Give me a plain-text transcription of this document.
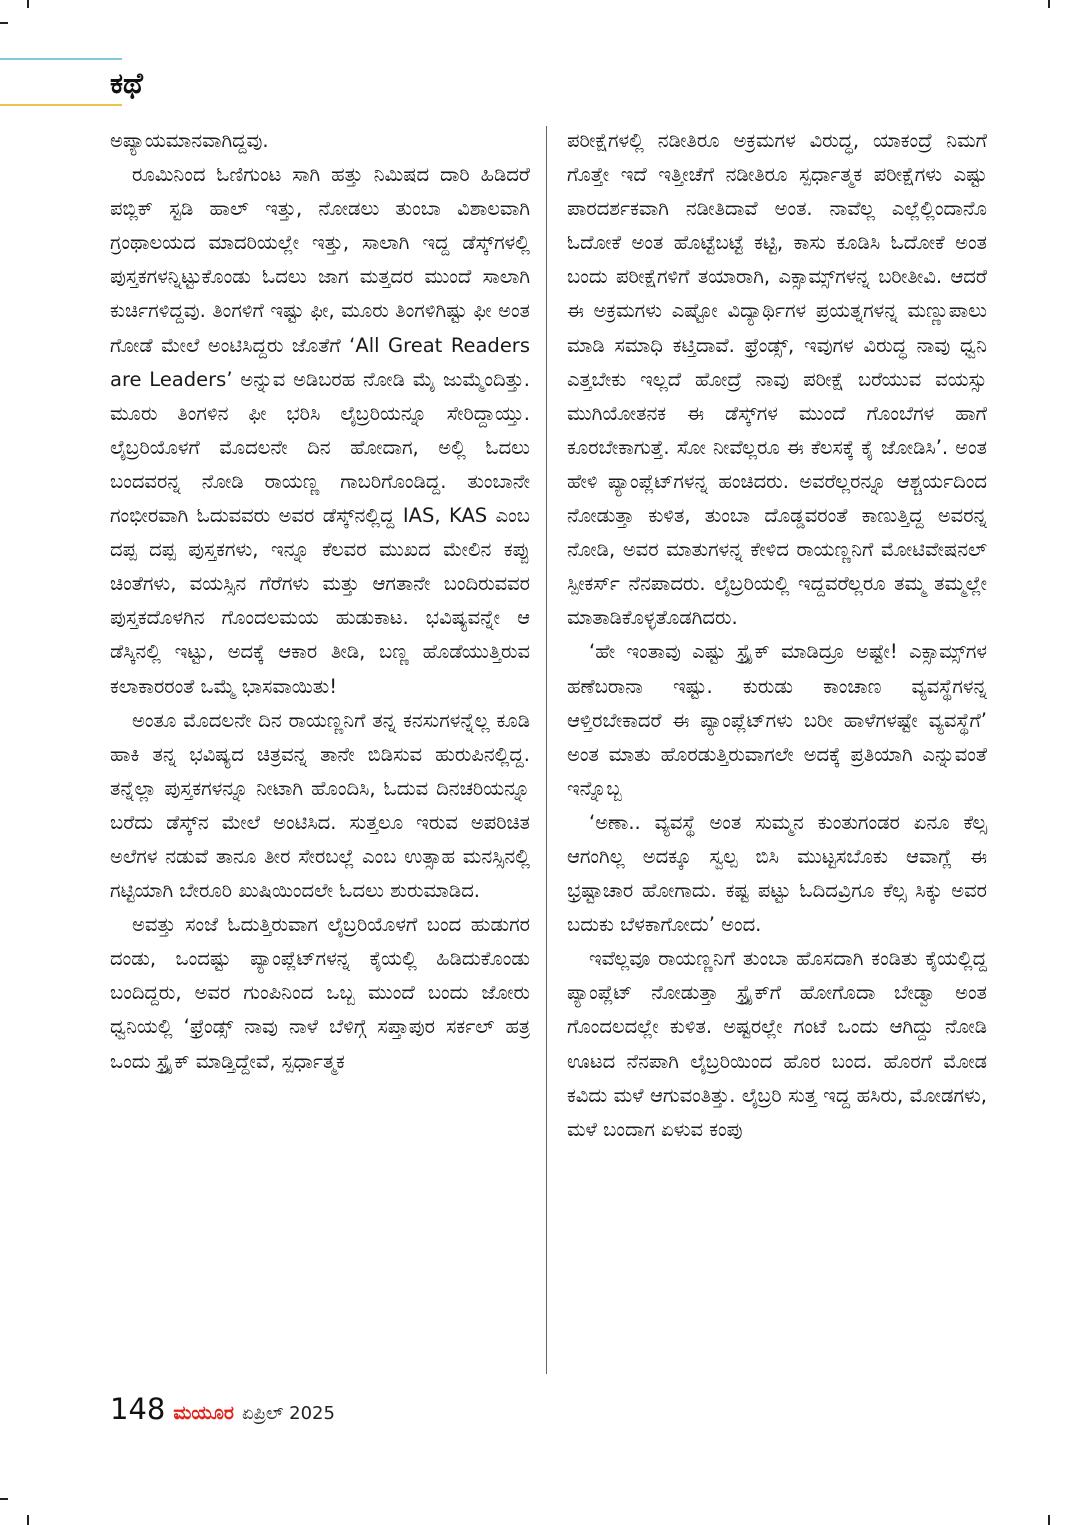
ಕಥೆ

ಅಪ್ಯಾಯಮಾನವಾಗಿದ್ದವು.

ರೂಮಿನಿಂದ ಓಣಿಗುಂಟ ಸಾಗಿ ಹತ್ತು ನಿಮಿಷದ ದಾರಿ ಹಿಡಿದರೆ ಪಬ್ಲಿಕ್ ಸ್ಟಡಿ ಹಾಲ್ ಇತ್ತು, ನೋಡಲು ತುಂಬಾ ವಿಶಾಲವಾಗಿ ಗ್ರಂಥಾಲಯದ ಮಾದರಿಯಲ್ಲೇ ಇತ್ತು, ಸಾಲಾಗಿ ಇದ್ದ ಡೆಸ್ಕ್‌ಗಳಲ್ಲಿ ಪುಸ್ತಕಗಳನ್ನಿಟ್ಟುಕೊಂಡು ಓದಲು ಜಾಗ ಮತ್ತದರ ಮುಂದೆ ಸಾಲಾಗಿ ಕುರ್ಚಿಗಳಿದ್ದವು. ತಿಂಗಳಿಗೆ ಇಷ್ಟು ಫೀ, ಮೂರು ತಿಂಗಳಿಗಿಷ್ಟು ಫೀ ಅಂತ ಗೋಡೆ ಮೇಲೆ ಅಂಟಿಸಿದ್ದರು ಜೊತೆಗೆ ‘All Great Readers are Leaders’ ಅನ್ನುವ ಅಡಿಬರಹ ನೋಡಿ ಮೈ ಜುಮ್ಮೆಂದಿತ್ತು. ಮೂರು ತಿಂಗಳಿನ ಫೀ ಭರಿಸಿ ಲೈಬ್ರರಿಯನ್ನೂ ಸೇರಿದ್ದಾಯ್ತು. ಲೈಬ್ರರಿಯೊಳಗೆ ಮೊದಲನೇ ದಿನ ಹೋದಾಗ, ಅಲ್ಲಿ ಓದಲು ಬಂದವರನ್ನ ನೋಡಿ ರಾಯಣ್ಣ ಗಾಬರಿಗೊಂಡಿದ್ದ. ತುಂಬಾನೇ ಗಂಭೀರವಾಗಿ ಓದುವವರು ಅವರ ಡೆಸ್ಕ್‌ನಲ್ಲಿದ್ದ IAS, KAS ಎಂಬ ದಪ್ಪ ದಪ್ಪ ಪುಸ್ತಕಗಳು, ಇನ್ನೂ ಕೆಲವರ ಮುಖದ ಮೇಲಿನ ಕಪ್ಪು ಚಿಂತೆಗಳು, ವಯಸ್ಸಿನ ಗೆರೆಗಳು ಮತ್ತು ಆಗತಾನೇ ಬಂದಿರುವವರ ಪುಸ್ತಕದೊಳಗಿನ ಗೊಂದಲಮಯ ಹುಡುಕಾಟ. ಭವಿಷ್ಯವನ್ನೇ ಆ ಡೆಸ್ಕಿನಲ್ಲಿ ಇಟ್ಟು, ಅದಕ್ಕೆ ಆಕಾರ ತೀಡಿ, ಬಣ್ಣ ಹೊಡೆಯುತ್ತಿರುವ ಕಲಾಕಾರರಂತೆ ಒಮ್ಮೆ ಭಾಸವಾಯಿತು!

ಅಂತೂ ಮೊದಲನೇ ದಿನ ರಾಯಣ್ಣನಿಗೆ ತನ್ನ ಕನಸುಗಳನ್ನೆಲ್ಲ ಕೂಡಿ ಹಾಕಿ ತನ್ನ ಭವಿಷ್ಯದ ಚಿತ್ರವನ್ನ ತಾನೇ ಬಿಡಿಸುವ ಹುರುಪಿನಲ್ಲಿದ್ದ. ತನ್ನೆಲ್ಲಾ ಪುಸ್ತಕಗಳನ್ನೂ ನೀಟಾಗಿ ಹೊಂದಿಸಿ, ಓದುವ ದಿನಚರಿಯನ್ನೂ ಬರೆದು ಡೆಸ್ಕ್‌ನ ಮೇಲೆ ಅಂಟಿಸಿದ. ಸುತ್ತಲೂ ಇರುವ ಅಪರಿಚಿತ ಅಲೆಗಳ ನಡುವೆ ತಾನೂ ತೀರ ಸೇರಬಲ್ಲೆ ಎಂಬ ಉತ್ಸಾಹ ಮನಸ್ಸಿನಲ್ಲಿ ಗಟ್ಟಿಯಾಗಿ ಬೇರೂರಿ ಖುಷಿಯಿಂದಲೇ ಓದಲು ಶುರುಮಾಡಿದ.

ಅವತ್ತು ಸಂಜೆ ಓದುತ್ತಿರುವಾಗ ಲೈಬ್ರರಿಯೊಳಗೆ ಬಂದ ಹುಡುಗರ ದಂಡು, ಒಂದಷ್ಟು ಪ್ಯಾಂಪ್ಲೆಟ್‌ಗಳನ್ನ ಕೈಯಲ್ಲಿ ಹಿಡಿದುಕೊಂಡು ಬಂದಿದ್ದರು, ಅವರ ಗುಂಪಿನಿಂದ ಒಬ್ಬ ಮುಂದೆ ಬಂದು ಜೋರು ಧ್ವನಿಯಲ್ಲಿ ‘ಫ್ರೆಂಡ್ಸ್ ನಾವು ನಾಳೆ ಬೆಳಿಗ್ಗೆ ಸಪ್ತಾಪುರ ಸರ್ಕಲ್ ಹತ್ರ ಒಂದು ಸ್ಟ್ರೈಕ್ ಮಾಡ್ತಿದ್ದೇವೆ, ಸ್ಪರ್ಧಾತ್ಮಕ

ಪರೀಕ್ಷೆಗಳಲ್ಲಿ ನಡೀತಿರೂ ಅಕ್ರಮಗಳ ವಿರುದ್ಧ, ಯಾಕಂದ್ರೆ ನಿಮಗೆ ಗೊತ್ತೇ ಇದೆ ಇತ್ತೀಚೆಗೆ ನಡೀತಿರೂ ಸ್ಪರ್ಧಾತ್ಮಕ ಪರೀಕ್ಷೆಗಳು ಎಷ್ಟು ಪಾರದರ್ಶಕವಾಗಿ ನಡೀತಿದಾವೆ ಅಂತ. ನಾವೆಲ್ಲ ಎಲ್ಲೆಲ್ಲಿಂದಾನೊ ಓದೋಕೆ ಅಂತ ಹೊಟ್ಟೆಬಟ್ಟೆ ಕಟ್ಟಿ, ಕಾಸು ಕೂಡಿಸಿ ಓದೋಕೆ ಅಂತ ಬಂದು ಪರೀಕ್ಷೆಗಳಿಗೆ ತಯಾರಾಗಿ, ಎಕ್ಸಾಮ್ಸ್‌ಗಳನ್ನ ಬರೀತೀವಿ. ಆದರೆ ಈ ಅಕ್ರಮಗಳು ಎಷ್ಟೋ ವಿದ್ಯಾರ್ಥಿಗಳ ಪ್ರಯತ್ನಗಳನ್ನ ಮಣ್ಣುಪಾಲು ಮಾಡಿ ಸಮಾಧಿ ಕಟ್ತಿದಾವೆ. ಫ್ರೆಂಡ್ಸ್, ಇವುಗಳ ವಿರುದ್ಧ ನಾವು ಧ್ವನಿ ಎತ್ತಬೇಕು ಇಲ್ಲದೆ ಹೋದ್ರೆ ನಾವು ಪರೀಕ್ಷೆ ಬರೆಯುವ ವಯಸ್ಸು ಮುಗಿಯೋತನಕ ಈ ಡೆಸ್ಕ್‌ಗಳ ಮುಂದೆ ಗೊಂಬೆಗಳ ಹಾಗೆ ಕೂರಬೇಕಾಗುತ್ತೆ. ಸೋ ನೀವೆಲ್ಲರೂ ಈ ಕೆಲಸಕ್ಕೆ ಕೈ ಜೋಡಿಸಿ’. ಅಂತ ಹೇಳಿ ಪ್ಯಾಂಪ್ಲೆಟ್‌ಗಳನ್ನ ಹಂಚಿದರು. ಅವರೆಲ್ಲರನ್ನೂ ಆಶ್ಚರ್ಯದಿಂದ ನೋಡುತ್ತಾ ಕುಳಿತ, ತುಂಬಾ ದೊಡ್ಡವರಂತೆ ಕಾಣುತ್ತಿದ್ದ ಅವರನ್ನ ನೋಡಿ, ಅವರ ಮಾತುಗಳನ್ನ ಕೇಳಿದ ರಾಯಣ್ಣನಿಗೆ ಮೋಟಿವೇಷನಲ್ ಸ್ಪೀಕರ್ಸ್ ನೆನಪಾದರು. ಲೈಬ್ರರಿಯಲ್ಲಿ ಇದ್ದವರೆಲ್ಲರೂ ತಮ್ಮ ತಮ್ಮಲ್ಲೇ ಮಾತಾಡಿಕೊಳ್ಳತೊಡಗಿದರು.

‘ಹೇ ಇಂತಾವು ಎಷ್ಟು ಸ್ಟ್ರೈಕ್ ಮಾಡಿದ್ರೂ ಅಷ್ಟೇ! ಎಕ್ಸಾಮ್ಸ್‌ಗಳ ಹಣೆಬರಾನಾ ಇಷ್ಟು. ಕುರುಡು ಕಾಂಚಾಣ ವ್ಯವಸ್ಥೆಗಳನ್ನ ಆಳ್ತಿರಬೇಕಾದರೆ ಈ ಪ್ಯಾಂಪ್ಲೆಟ್‌ಗಳು ಬರೀ ಹಾಳೆಗಳಷ್ಟೇ ವ್ಯವಸ್ಥೆಗೆ’ ಅಂತ ಮಾತು ಹೊರಡುತ್ತಿರುವಾಗಲೇ ಅದಕ್ಕೆ ಪ್ರತಿಯಾಗಿ ಎನ್ನುವಂತೆ ಇನ್ನೊಬ್ಬ

‘ಅಣಾ.. ವ್ಯವಸ್ಥೆ ಅಂತ ಸುಮ್ಮನ ಕುಂತುಗಂಡರ ಏನೂ ಕೆಲ್ಸ ಆಗಂಗಿಲ್ಲ ಅದಕ್ಕೂ ಸ್ವಲ್ಪ ಬಿಸಿ ಮುಟ್ಟಸಬೊಕು ಆವಾಗ್ಲೆ ಈ ಭ್ರಷ್ಟಾಚಾರ ಹೋಗಾದು. ಕಷ್ಟ ಪಟ್ಟು ಓದಿದವ್ರಿಗೂ ಕೆಲ್ಸ ಸಿಕ್ಕು ಅವರ ಬದುಕು ಬೆಳಕಾಗೋದು’ ಅಂದ.

ಇವೆಲ್ಲವೂ ರಾಯಣ್ಣನಿಗೆ ತುಂಬಾ ಹೊಸದಾಗಿ ಕಂಡಿತು ಕೈಯಲ್ಲಿದ್ದ ಪ್ಯಾಂಪ್ಲೆಟ್ ನೋಡುತ್ತಾ ಸ್ಟ್ರೈಕ್‌ಗೆ ಹೋಗೊದಾ ಬೇಡ್ವಾ ಅಂತ ಗೊಂದಲದಲ್ಲೇ ಕುಳಿತ. ಅಷ್ಟರಲ್ಲೇ ಗಂಟೆ ಒಂದು ಆಗಿದ್ದು ನೋಡಿ ಊಟದ ನೆನಪಾಗಿ ಲೈಬ್ರರಿಯಿಂದ ಹೊರ ಬಂದ. ಹೊರಗೆ ಮೋಡ ಕವಿದು ಮಳೆ ಆಗುವಂತಿತ್ತು. ಲೈಬ್ರರಿ ಸುತ್ತ ಇದ್ದ ಹಸಿರು, ಮೋಡಗಳು, ಮಳೆ ಬಂದಾಗ ಏಳುವ ಕಂಪು

148 ಮಯೂರ ಏಪ್ರಿಲ್ 2025
